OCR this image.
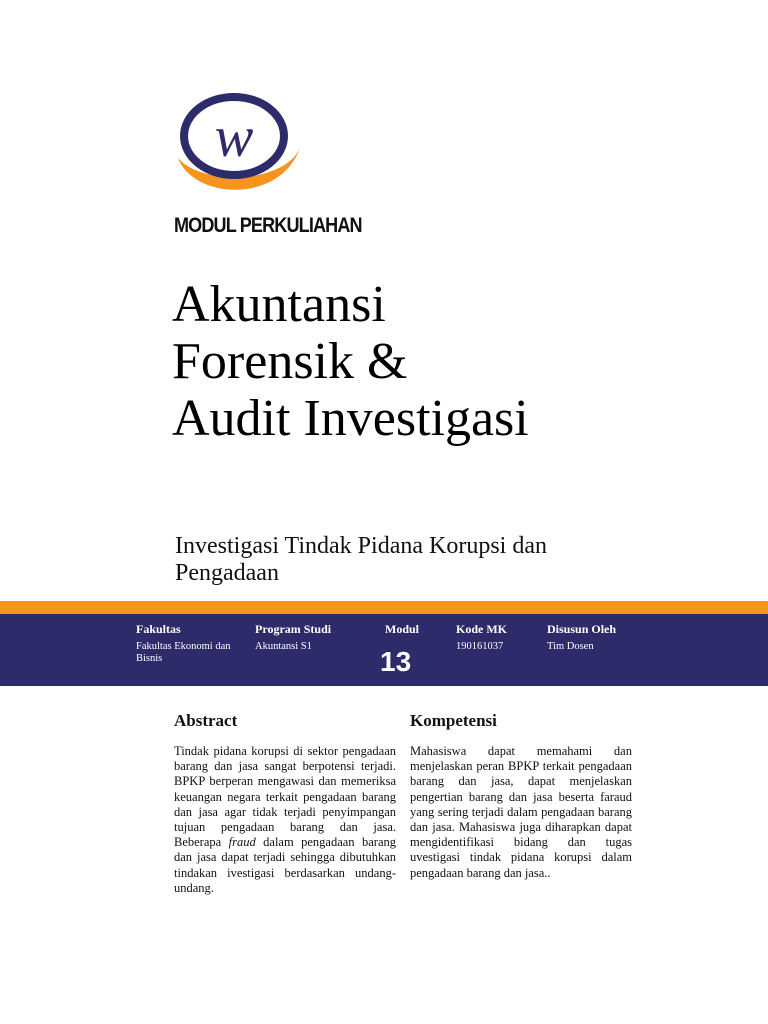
w
MODUL PERKULIAHAN
Akuntansi
Forensik &
Audit Investigasi
Investigasi Tindak Pidana Korupsi dan Pengadaan
Fakultas
Fakultas Ekonomi dan Bisnis
Program Studi
Akuntansi S1
Modul
13
Kode MK
190161037
Disusun Oleh
Tim Dosen
Abstract
Tindak pidana korupsi di sektor pengadaan barang dan jasa sangat berpotensi terjadi. BPKP berperan mengawasi dan memeriksa keuangan negara terkait pengadaan barang dan jasa agar tidak terjadi penyimpangan tujuan pengadaan barang dan jasa. Beberapa fraud dalam pengadaan barang dan jasa dapat terjadi sehingga dibutuhkan tindakan ivestigasi berdasarkan undang-undang.
Kompetensi
Mahasiswa dapat memahami dan menjelaskan peran BPKP terkait pengadaan barang dan jasa, dapat menjelaskan pengertian barang dan jasa beserta faraud yang sering terjadi dalam pengadaan barang dan jasa. Mahasiswa juga diharapkan dapat mengidentifikasi bidang dan tugas uvestigasi tindak pidana korupsi dalam pengadaan barang dan jasa..
